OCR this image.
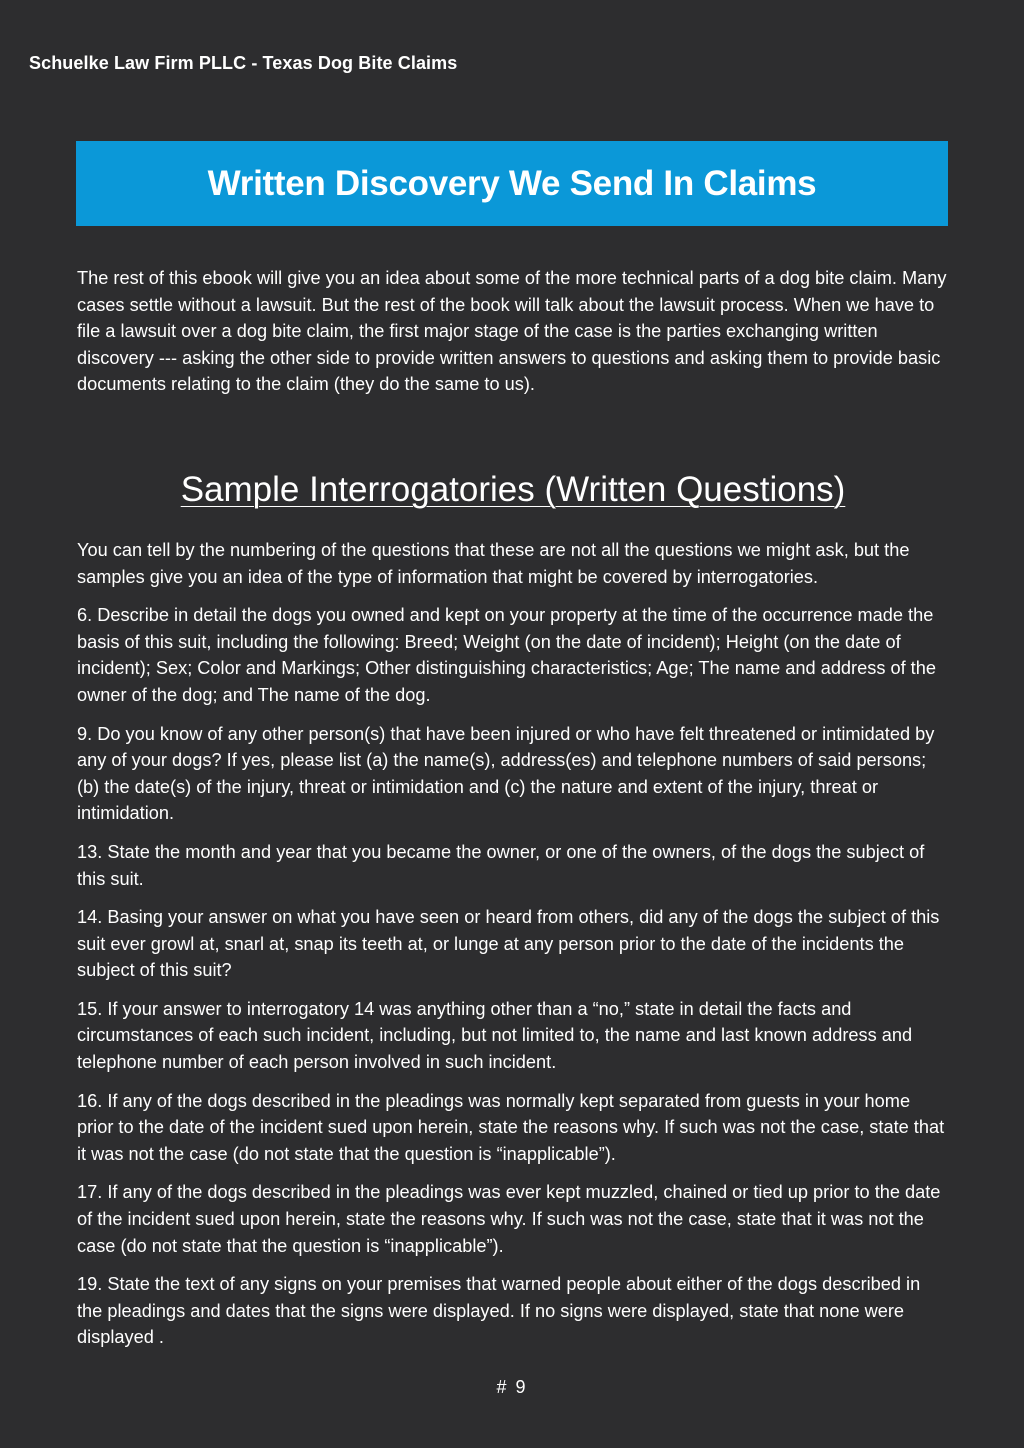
Schuelke Law Firm PLLC - Texas Dog Bite Claims
Written Discovery We Send In Claims

The rest of this ebook will give you an idea about some of the more technical parts of a dog bite claim. Many cases settle without a lawsuit. But the rest of the book will talk about the lawsuit process. When we have to file a lawsuit over a dog bite claim, the first major stage of the case is the parties exchanging written discovery --- asking the other side to provide written answers to questions and asking them to provide basic documents relating to the claim (they do the same to us).

Sample Interrogatories (Written Questions)

You can tell by the numbering of the questions that these are not all the questions we might ask, but the samples give you an idea of the type of information that might be covered by interrogatories.

6. Describe in detail the dogs you owned and kept on your property at the time of the occurrence made the basis of this suit, including the following: Breed; Weight (on the date of incident); Height (on the date of incident); Sex; Color and Markings; Other distinguishing characteristics; Age; The name and address of the owner of the dog; and The name of the dog.

9. Do you know of any other person(s) that have been injured or who have felt threatened or intimidated by any of your dogs? If yes, please list (a) the name(s), address(es) and telephone numbers of said persons; (b) the date(s) of the injury, threat or intimidation and (c) the nature and extent of the injury, threat or intimidation.

13. State the month and year that you became the owner, or one of the owners, of the dogs the subject of this suit.

14. Basing your answer on what you have seen or heard from others, did any of the dogs the subject of this suit ever growl at, snarl at, snap its teeth at, or lunge at any person prior to the date of the incidents the subject of this suit?

15. If your answer to interrogatory 14 was anything other than a “no,” state in detail the facts and circumstances of each such incident, including, but not limited to, the name and last known address and telephone number of each person involved in such incident.

16. If any of the dogs described in the pleadings was normally kept separated from guests in your home prior to the date of the incident sued upon herein, state the reasons why. If such was not the case, state that it was not the case (do not state that the question is “inapplicable”).

17. If any of the dogs described in the pleadings was ever kept muzzled, chained or tied up prior to the date of the incident sued upon herein, state the reasons why. If such was not the case, state that it was not the case (do not state that the question is “inapplicable”).

19. State the text of any signs on your premises that warned people about either of the dogs described in the pleadings and dates that the signs were displayed. If no signs were displayed, state that none were displayed .

# 9
